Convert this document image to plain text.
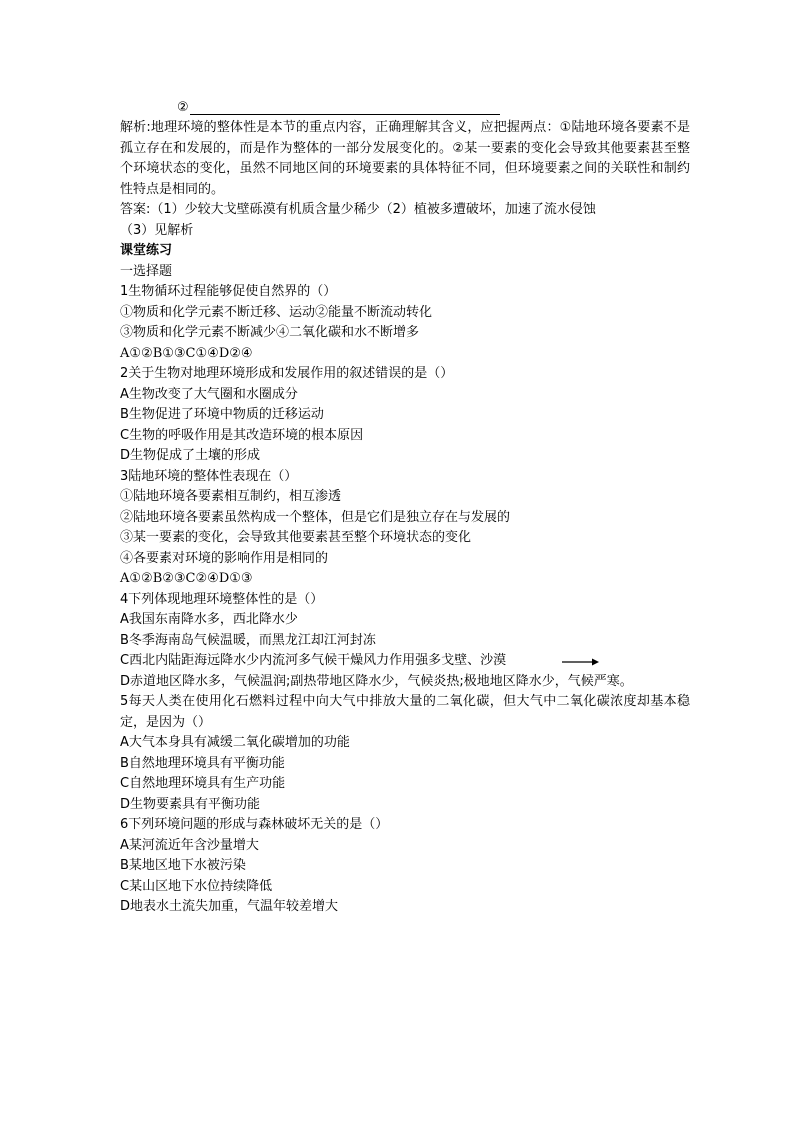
②
解析:地理环境的整体性是本节的重点内容，正确理解其含义，应把握两点：①陆地环境各要素不是孤立存在和发展的，而是作为整体的一部分发展变化的。②某一要素的变化会导致其他要素甚至整个环境状态的变化，虽然不同地区间的环境要素的具体特征不同，但环境要素之间的关联性和制约性特点是相同的。
答案:（1）少较大戈壁砾漠有机质含量少稀少（2）植被多遭破坏，加速了流水侵蚀
（3）见解析
课堂练习
一选择题
1生物循环过程能够促使自然界的（）
①物质和化学元素不断迁移、运动②能量不断流动转化
③物质和化学元素不断减少④二氧化碳和水不断增多
A①②B①③C①④D②④
2关于生物对地理环境形成和发展作用的叙述错误的是（）
A生物改变了大气圈和水圈成分
B生物促进了环境中物质的迁移运动
C生物的呼吸作用是其改造环境的根本原因
D生物促成了土壤的形成
3陆地环境的整体性表现在（）
①陆地环境各要素相互制约，相互渗透
②陆地环境各要素虽然构成一个整体，但是它们是独立存在与发展的
③某一要素的变化，会导致其他要素甚至整个环境状态的变化
④各要素对环境的影响作用是相同的
A①②B②③C②④D①③
4下列体现地理环境整体性的是（）
A我国东南降水多，西北降水少
B冬季海南岛气候温暖，而黑龙江却江河封冻
C西北内陆距海远降水少内流河多气候干燥风力作用强多戈壁、沙漠
D赤道地区降水多，气候温润;副热带地区降水少，气候炎热;极地地区降水少，气候严寒。
5每天人类在使用化石燃料过程中向大气中排放大量的二氧化碳，但大气中二氧化碳浓度却基本稳定，是因为（）
A大气本身具有减缓二氧化碳增加的功能
B自然地理环境具有平衡功能
C自然地理环境具有生产功能
D生物要素具有平衡功能
6下列环境问题的形成与森林破坏无关的是（）
A某河流近年含沙量增大
B某地区地下水被污染
C某山区地下水位持续降低
D地表水土流失加重，气温年较差增大
